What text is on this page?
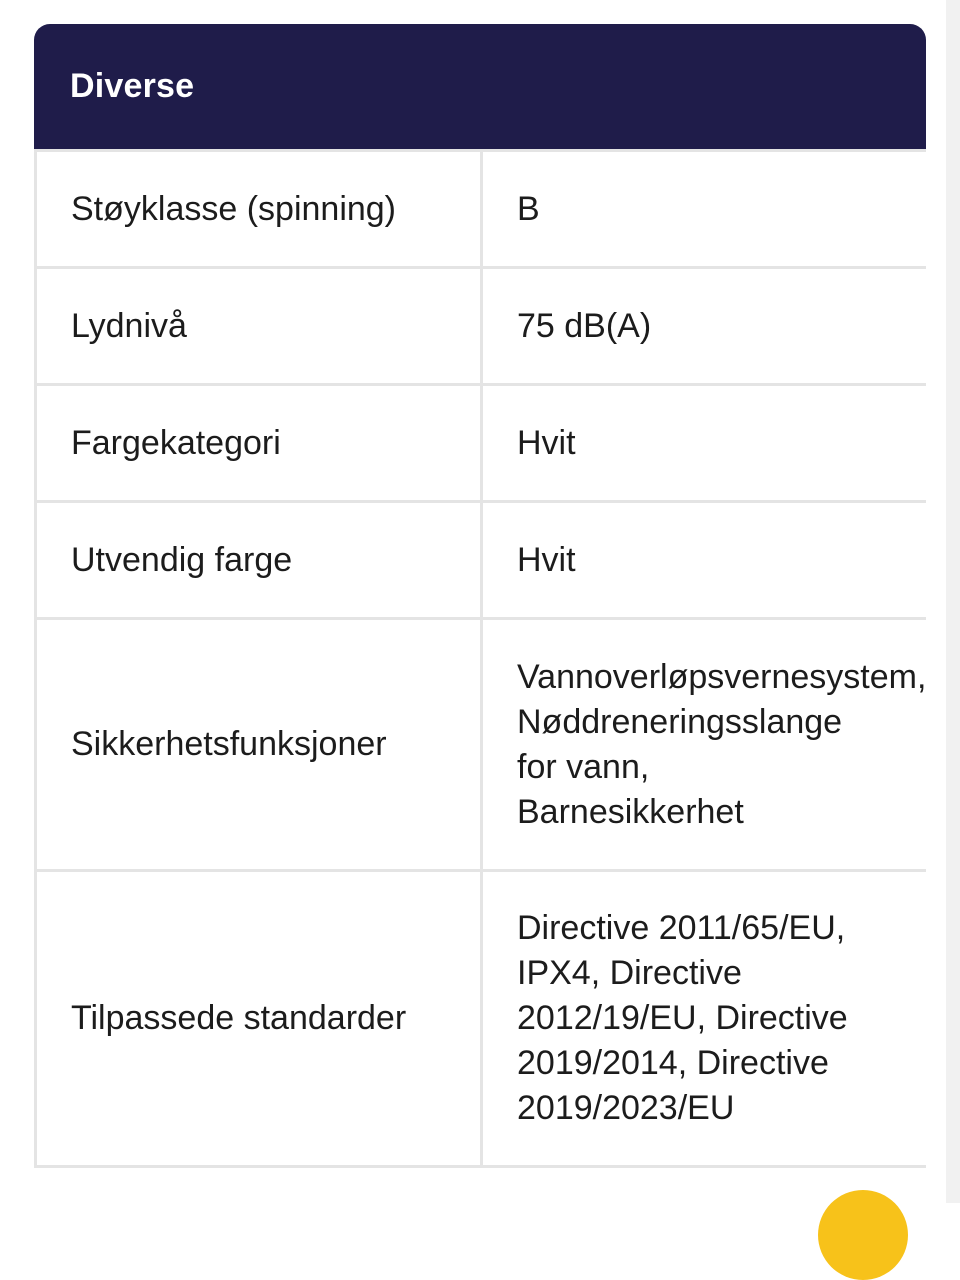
Diverse
Støyklasse (spinning)	B

Lydnivå	75 dB(A)

Fargekategori	Hvit

Utvendig farge	Hvit

Sikkerhetsfunksjoner	Vannoverløpsvernesystem,
Nøddreneringsslange
for vann,
Barnesikkerhet

Tilpassede standarder	Directive 2011/65/EU,
IPX4, Directive
2012/19/EU, Directive
2019/2014, Directive
2019/2023/EU
